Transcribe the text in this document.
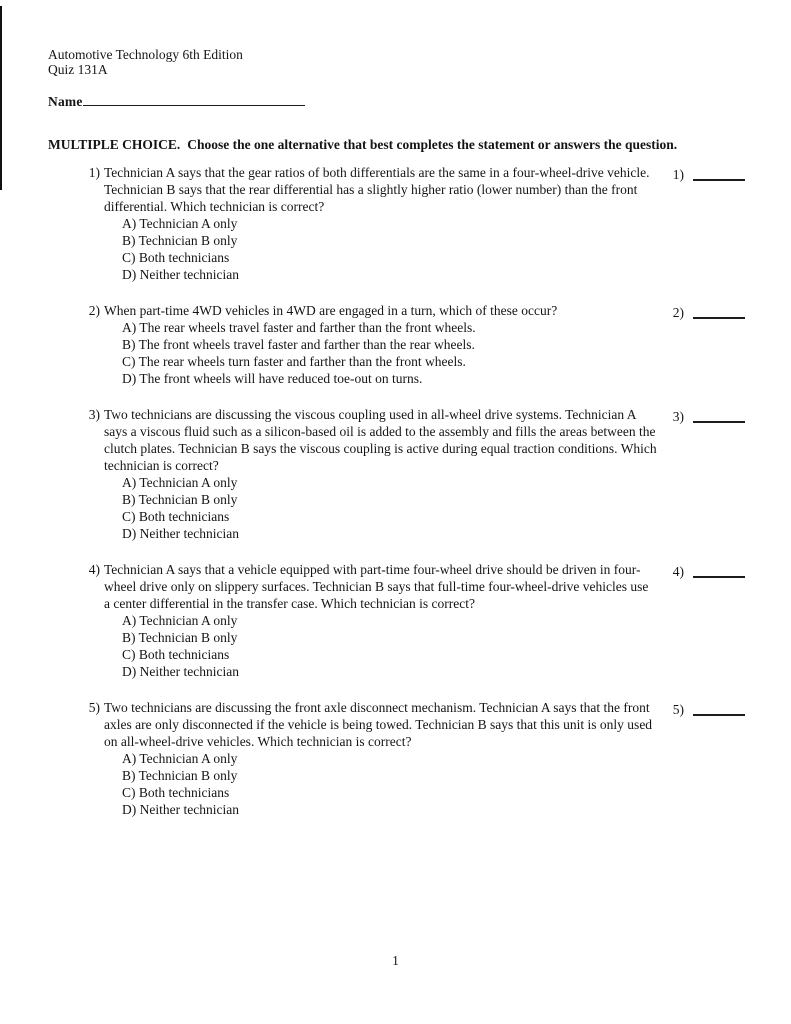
Automotive Technology 6th Edition
Quiz 131A
Name
MULTIPLE CHOICE. Choose the one alternative that best completes the statement or answers the question.
1) Technician A says that the gear ratios of both differentials are the same in a four-wheel-drive vehicle. Technician B says that the rear differential has a slightly higher ratio (lower number) than the front differential. Which technician is correct?
A) Technician A only
B) Technician B only
C) Both technicians
D) Neither technician
1)
2) When part-time 4WD vehicles in 4WD are engaged in a turn, which of these occur?
A) The rear wheels travel faster and farther than the front wheels.
B) The front wheels travel faster and farther than the rear wheels.
C) The rear wheels turn faster and farther than the front wheels.
D) The front wheels will have reduced toe-out on turns.
2)
3) Two technicians are discussing the viscous coupling used in all-wheel drive systems. Technician A says a viscous fluid such as a silicon-based oil is added to the assembly and fills the areas between the clutch plates. Technician B says the viscous coupling is active during equal traction conditions. Which technician is correct?
A) Technician A only
B) Technician B only
C) Both technicians
D) Neither technician
3)
4) Technician A says that a vehicle equipped with part-time four-wheel drive should be driven in four-wheel drive only on slippery surfaces. Technician B says that full-time four-wheel-drive vehicles use a center differential in the transfer case. Which technician is correct?
A) Technician A only
B) Technician B only
C) Both technicians
D) Neither technician
4)
5) Two technicians are discussing the front axle disconnect mechanism. Technician A says that the front axles are only disconnected if the vehicle is being towed. Technician B says that this unit is only used on all-wheel-drive vehicles. Which technician is correct?
A) Technician A only
B) Technician B only
C) Both technicians
D) Neither technician
5)
1
